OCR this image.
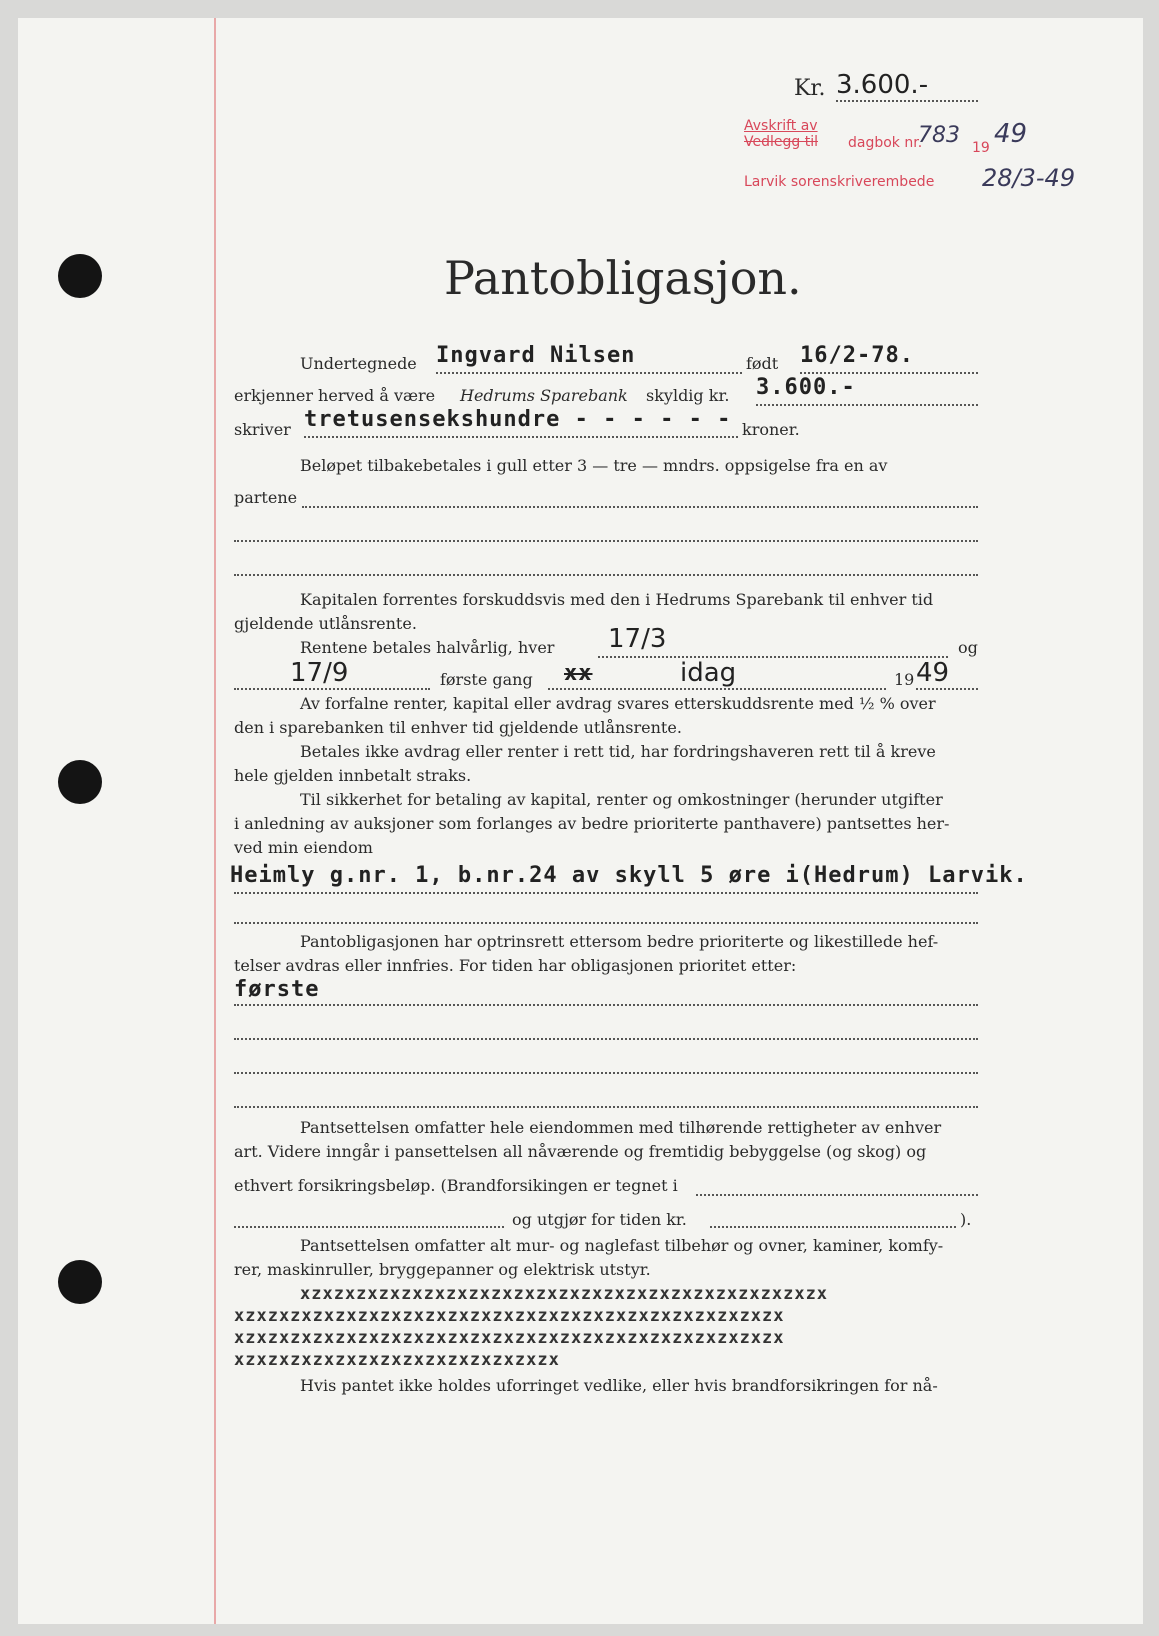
Kr. 3.600.-
Avskrift av
Vedlegg til dagbok nr.
783 19 49
Larvik sorenskriverembede 28/3-49
Pantobligasjon.
Undertegnede Ingvard Nilsen	født 16/2-78.
erkjenner herved å være Hedrums Sparebank skyldig kr. 3.600.-
skriver tretusensekshundre - - - - - - kroner.
Beløpet tilbakebetales i gull etter 3 — tre — mndrs. oppsigelse fra en av
partene
Kapitalen forrentes forskuddsvis med den i Hedrums Sparebank til enhver tid
gjeldende utlånsrente.
Rentene betales halvårlig, hver 17/3	og
17/9	første gang xx	idag	19 49
Av forfalne renter, kapital eller avdrag svares etterskuddsrente med ½ % over
den i sparebanken til enhver tid gjeldende utlånsrente.
Betales ikke avdrag eller renter i rett tid, har fordringshaveren rett til å kreve
hele gjelden innbetalt straks.
Til sikkerhet for betaling av kapital, renter og omkostninger (herunder utgifter
i anledning av auksjoner som forlanges av bedre prioriterte panthavere) pantsettes her-
ved min eiendom
Heimly g.nr. 1, b.nr.24 av skyll 5 øre i(Hedrum) Larvik.
Pantobligasjonen har optrinsrett ettersom bedre prioriterte og likestillede hef-
telser avdras eller innfries. For tiden har obligasjonen prioritet etter:
første
Pantsettelsen omfatter hele eiendommen med tilhørende rettigheter av enhver
art. Videre inngår i pansettelsen all nåværende og fremtidig bebyggelse (og skog) og
ethvert forsikringsbeløp. (Brandforsikingen er tegnet i
og utgjør for tiden kr.	).
Pantsettelsen omfatter alt mur- og naglefast tilbehør og ovner, kaminer, komfy-
rer, maskinruller, bryggepanner og elektrisk utstyr.
xzxzxzxzxzxzxzxzxzxzxzxzxzxzxzxzxzxzxzxzxzxzxzx
xzxzxzxzxzxzxzxzxzxzxzxzxzxzxzxzxzxzxzxzxzxzxzxzx
xzxzxzxzxzxzxzxzxzxzxzxzxzxzxzxzxzxzxzxzxzxzxzxzx
xzxzxzxzxzxzxzxzxzxzxzxzxzxzx
Hvis pantet ikke holdes uforringet vedlike, eller hvis brandforsikringen for nå-
